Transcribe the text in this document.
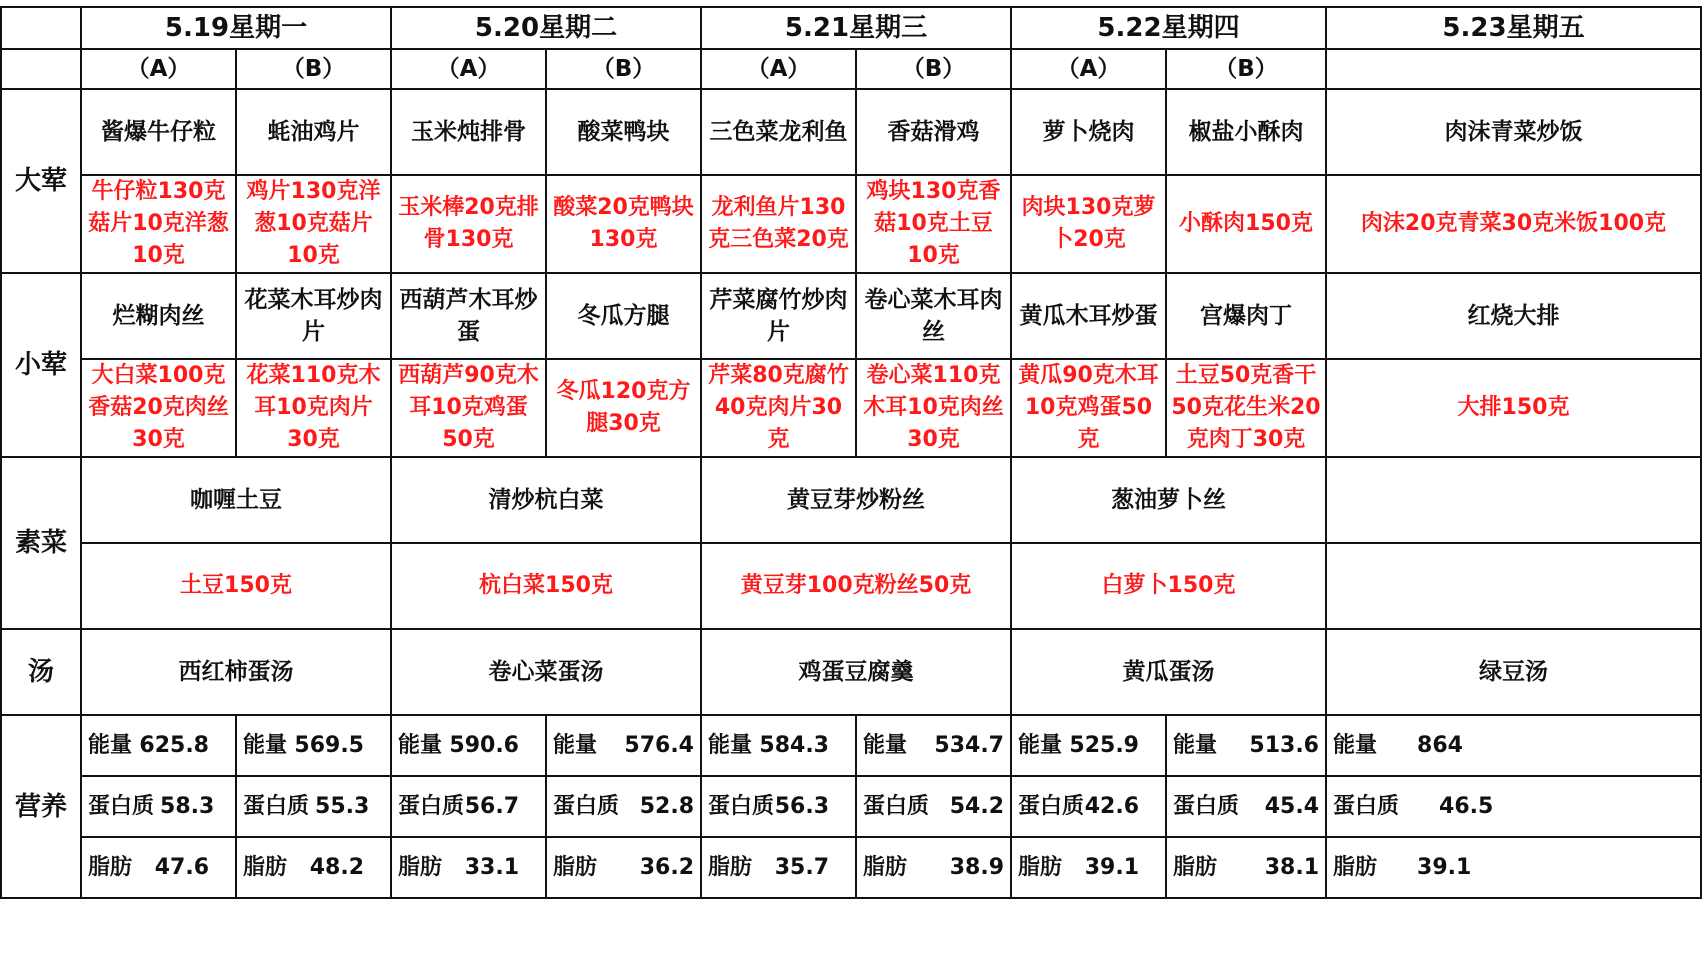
	5.19星期一		5.20星期二		5.21星期三		5.22星期四		5.23星期五
	（A）	（B）	（A）	（B）	（A）	（B）	（A）	（B）	
大荤	酱爆牛仔粒	蚝油鸡片	玉米炖排骨	酸菜鸭块	三色菜龙利鱼	香菇滑鸡	萝卜烧肉	椒盐小酥肉	肉沫青菜炒饭
	牛仔粒130克菇片10克洋葱10克	鸡片130克洋葱10克菇片10克	玉米棒20克排骨130克	酸菜20克鸭块130克	龙利鱼片130克三色菜20克	鸡块130克香菇10克土豆10克	肉块130克萝卜20克	小酥肉150克	肉沫20克青菜30克米饭100克
小荤	烂糊肉丝	花菜木耳炒肉片	西葫芦木耳炒蛋	冬瓜方腿	芹菜腐竹炒肉片	卷心菜木耳肉丝	黄瓜木耳炒蛋	宫爆肉丁	红烧大排
	大白菜100克香菇20克肉丝30克	花菜110克木耳10克肉片30克	西葫芦90克木耳10克鸡蛋50克	冬瓜120克方腿30克	芹菜80克腐竹40克肉片30克	卷心菜110克木耳10克肉丝30克	黄瓜90克木耳10克鸡蛋50克	土豆50克香干50克花生米20克肉丁30克	大排150克
素菜	咖喱土豆		清炒杭白菜		黄豆芽炒粉丝		葱油萝卜丝		
	土豆150克		杭白菜150克		黄豆芽100克粉丝50克		白萝卜150克		
汤	西红柿蛋汤		卷心菜蛋汤		鸡蛋豆腐羹		黄瓜蛋汤		绿豆汤
营养	能量 625.8	能量 569.5	能量 590.6	能量 576.4	能量 584.3	能量 534.7	能量 525.9	能量 513.6	能量 864

	蛋白质 58.3	蛋白质 55.3	蛋白质 56.7	蛋白质 52.8	蛋白质 56.3	蛋白质 54.2	蛋白质 42.6	蛋白质 45.4	蛋白质 46.5

	脂肪 47.6	脂肪 48.2	脂肪 33.1	脂肪 36.2	脂肪 35.7	脂肪 38.9	脂肪 39.1	脂肪 38.1	脂肪 39.1
